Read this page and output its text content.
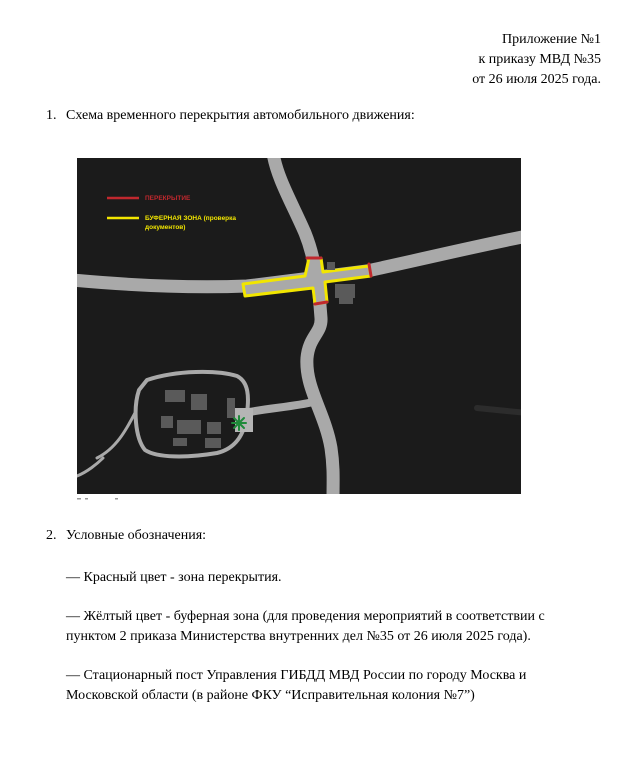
Приложение №1
к приказу МВД №35
от 26 июля 2025 года.
1. Схема временного перекрытия автомобильного движения:
ПЕРЕКРЫТИЕ
БУФЕРНАЯ ЗОНА (проверка
документов)
2. Условные обозначения:
— Красный цвет - зона перекрытия.
— Жёлтый цвет - буферная зона (для проведения мероприятий в соответствии с пунктом 2 приказа Министерства внутренних дел №35 от 26 июля 2025 года).
— Стационарный пост Управления ГИБДД МВД России по городу Москва и Московской области (в районе ФКУ “Исправительная колония №7”)
